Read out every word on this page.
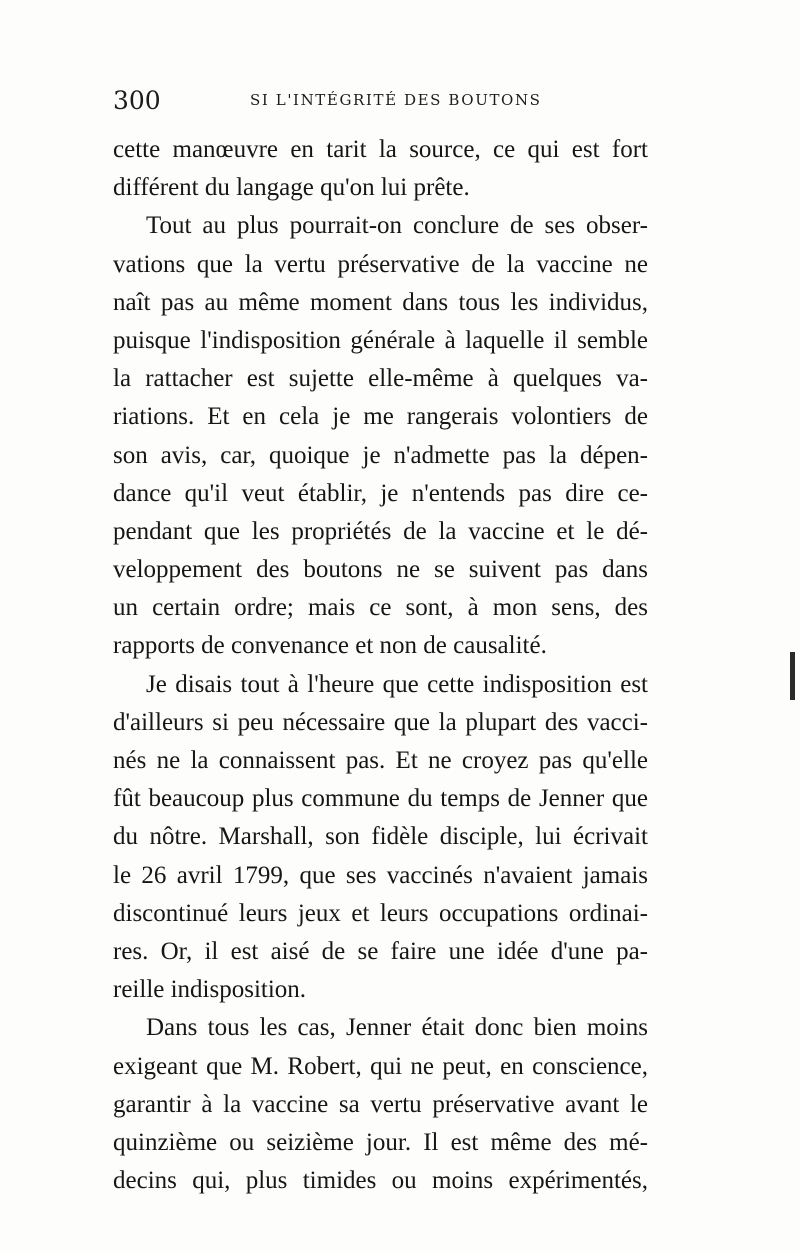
300	SI L'INTÉGRITÉ DES BOUTONS
cette manœuvre en tarit la source, ce qui est fort
différent du langage qu'on lui prête.
Tout au plus pourrait-on conclure de ses obser-
vations que la vertu préservative de la vaccine ne
naît pas au même moment dans tous les individus,
puisque l'indisposition générale à laquelle il semble
la rattacher est sujette elle-même à quelques va-
riations. Et en cela je me rangerais volontiers de
son avis, car, quoique je n'admette pas la dépen-
dance qu'il veut établir, je n'entends pas dire ce-
pendant que les propriétés de la vaccine et le dé-
veloppement des boutons ne se suivent pas dans
un certain ordre; mais ce sont, à mon sens, des
rapports de convenance et non de causalité.
Je disais tout à l'heure que cette indisposition est
d'ailleurs si peu nécessaire que la plupart des vacci-
nés ne la connaissent pas. Et ne croyez pas qu'elle
fût beaucoup plus commune du temps de Jenner que
du nôtre. Marshall, son fidèle disciple, lui écrivait
le 26 avril 1799, que ses vaccinés n'avaient jamais
discontinué leurs jeux et leurs occupations ordinai-
res. Or, il est aisé de se faire une idée d'une pa-
reille indisposition.
Dans tous les cas, Jenner était donc bien moins
exigeant que M. Robert, qui ne peut, en conscience,
garantir à la vaccine sa vertu préservative avant le
quinzième ou seizième jour. Il est même des mé-
decins qui, plus timides ou moins expérimentés,
